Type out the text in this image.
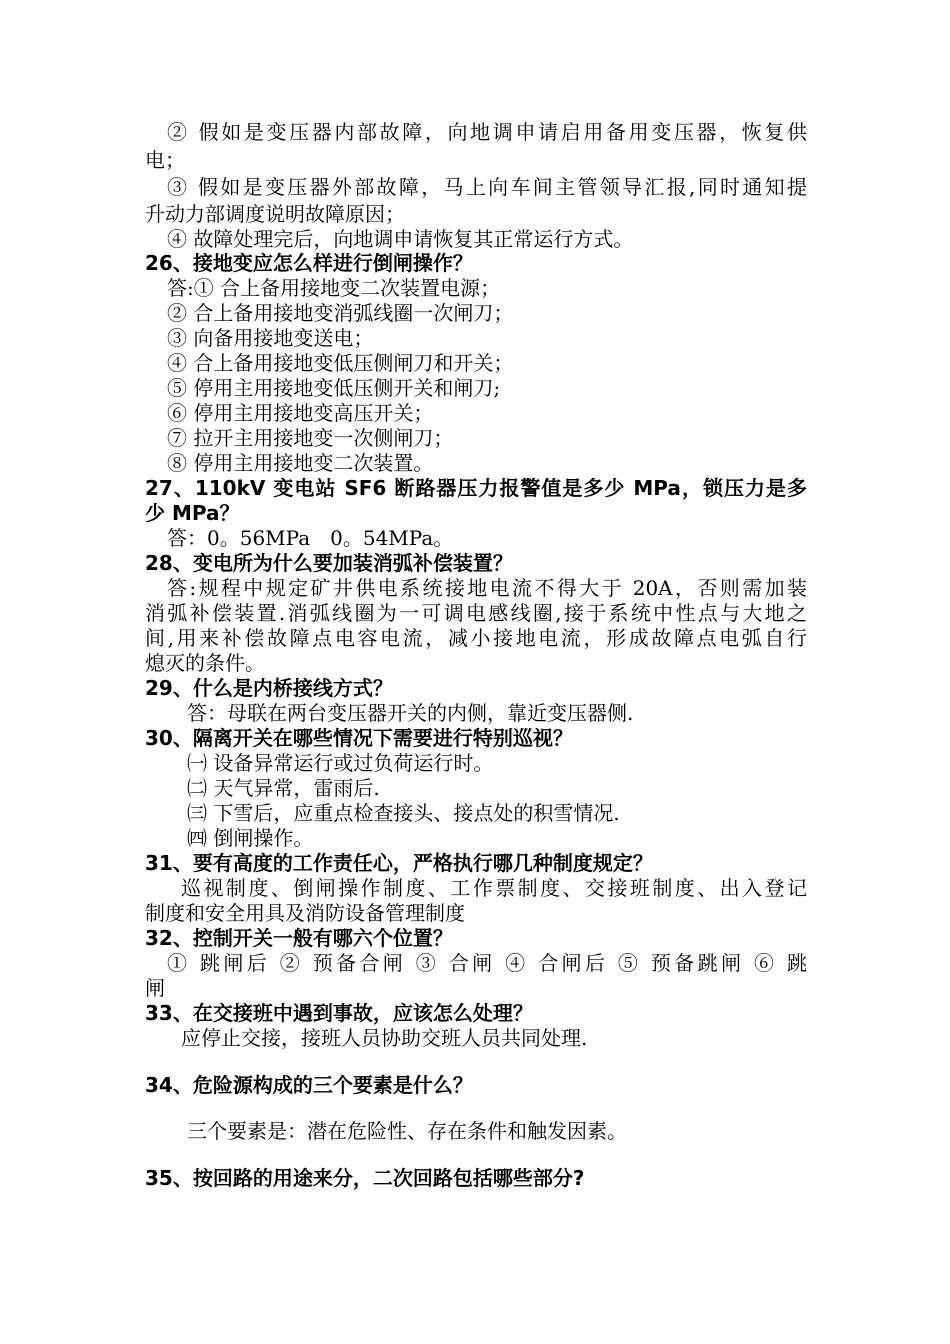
② 假如是变压器内部故障，向地调申请启用备用变压器，恢复供
电；
③ 假如是变压器外部故障，马上向车间主管领导汇报,同时通知提
升动力部调度说明故障原因；
④ 故障处理完后，向地调申请恢复其正常运行方式。
26、接地变应怎么样进行倒闸操作？
答:① 合上备用接地变二次装置电源；
② 合上备用接地变消弧线圈一次闸刀；
③ 向备用接地变送电；
④ 合上备用接地变低压侧闸刀和开关；
⑤ 停用主用接地变低压侧开关和闸刀;
⑥ 停用主用接地变高压开关；
⑦ 拉开主用接地变一次侧闸刀；
⑧ 停用主用接地变二次装置。
27、110kV 变电站 SF6 断路器压力报警值是多少 MPa，锁压力是多
少 MPa？
答：0。56MPa　0。54MPa。
28、变电所为什么要加装消弧补偿装置？
答:规程中规定矿井供电系统接地电流不得大于 20A，否则需加装
消弧补偿装置.消弧线圈为一可调电感线圈,接于系统中性点与大地之
间,用来补偿故障点电容电流，减小接地电流，形成故障点电弧自行
熄灭的条件。
29、什么是内桥接线方式？
答：母联在两台变压器开关的内侧，靠近变压器侧.
30、隔离开关在哪些情况下需要进行特别巡视？
㈠ 设备异常运行或过负荷运行时。
㈡ 天气异常，雷雨后.
㈢ 下雪后，应重点检查接头、接点处的积雪情况.
㈣ 倒闸操作。
31、要有高度的工作责任心，严格执行哪几种制度规定？
巡视制度、倒闸操作制度、工作票制度、交接班制度、出入登记
制度和安全用具及消防设备管理制度
32、控制开关一般有哪六个位置？
① 跳闸后 ② 预备合闸 ③ 合闸 ④ 合闸后 ⑤ 预备跳闸 ⑥ 跳
闸
33、在交接班中遇到事故，应该怎么处理？
应停止交接，接班人员协助交班人员共同处理.
34、危险源构成的三个要素是什么？
三个要素是：潜在危险性、存在条件和触发因素。
35、按回路的用途来分，二次回路包括哪些部分?
